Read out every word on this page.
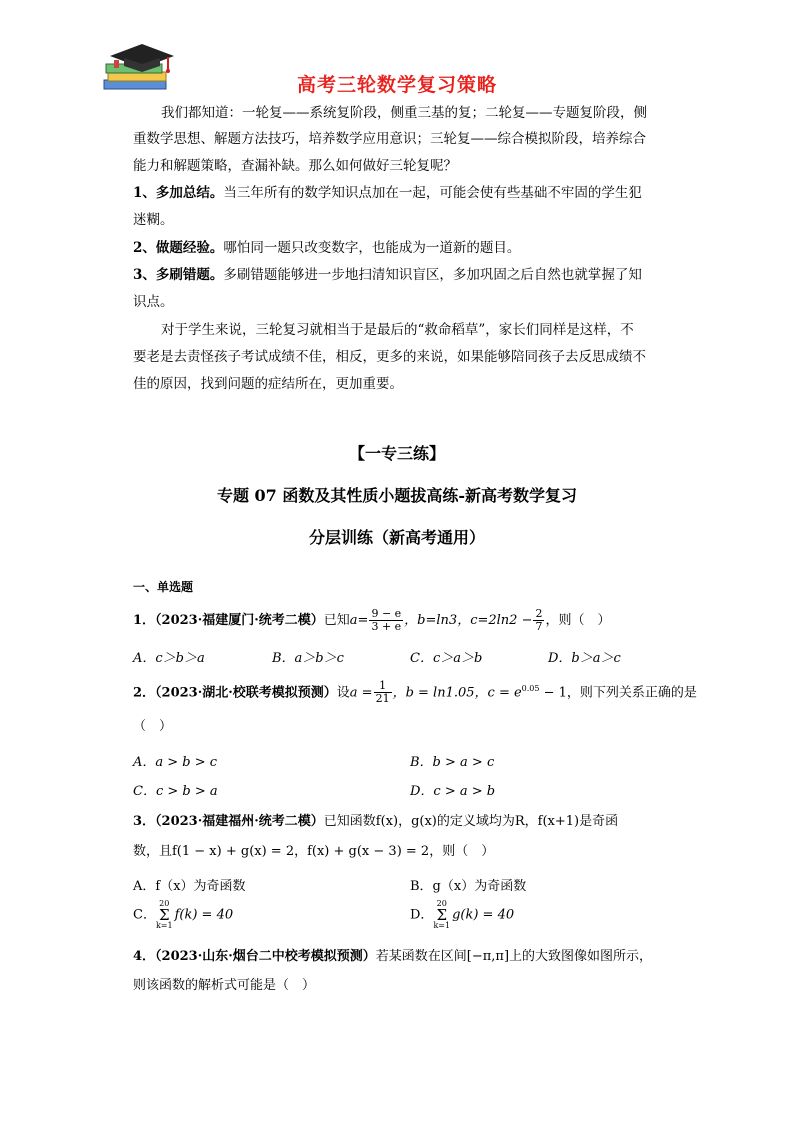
高考三轮数学复习策略
我们都知道：一轮复——系统复阶段，侧重三基的复；二轮复——专题复阶段，侧
重数学思想、解题方法技巧，培养数学应用意识；三轮复——综合模拟阶段，培养综合
能力和解题策略，查漏补缺。那么如何做好三轮复呢？
1、多加总结。当三年所有的数学知识点加在一起，可能会使有些基础不牢固的学生犯
迷糊。
2、做题经验。哪怕同一题只改变数字，也能成为一道新的题目。
3、多刷错题。多刷错题能够进一步地扫清知识盲区，多加巩固之后自然也就掌握了知
识点。
对于学生来说，三轮复习就相当于是最后的“救命稻草”，家长们同样是这样，不
要老是去责怪孩子考试成绩不佳，相反，更多的来说，如果能够陪同孩子去反思成绩不
佳的原因，找到问题的症结所在，更加重要。
【一专三练】
专题 07 函数及其性质小题拔高练-新高考数学复习
分层训练（新高考通用）
一、单选题
1．（2023·福建厦门·统考二模）已知$a= \frac{9 - e}{3 + e}$ ，b=ln3，$c=2\ln 2 - \frac{2}{7}$ ，则（　）
A．c＞b＞a	B．a＞b＞c	C．c＞a＞b	D．b＞a＞c
2．（2023·湖北·校联考模拟预测）设$a = \frac{1}{21}$ ，b = ln1.05，$c = e^{0.05} - 1$，则下列关系正确的是
（　）
A．a > b > c	B．b > a > c
C．c > b > a	D．c > a > b
3．（2023·福建福州·统考二模）已知函数f(x)，g(x)的定义域均为R，f(x+1)是奇函
数，且f(1 − x) + g(x) = 2，f(x) + g(x − 3) = 2，则（　）
A．f（x）为奇函数	B．g（x）为奇函数
C．20
Σ
k=1f(k) = 40	D．20
Σ
k=1g(k) = 40
4．（2023·山东·烟台二中校考模拟预测）若某函数在区间[−π,π]上的大致图像如图所示，
则该函数的解析式可能是（　）
